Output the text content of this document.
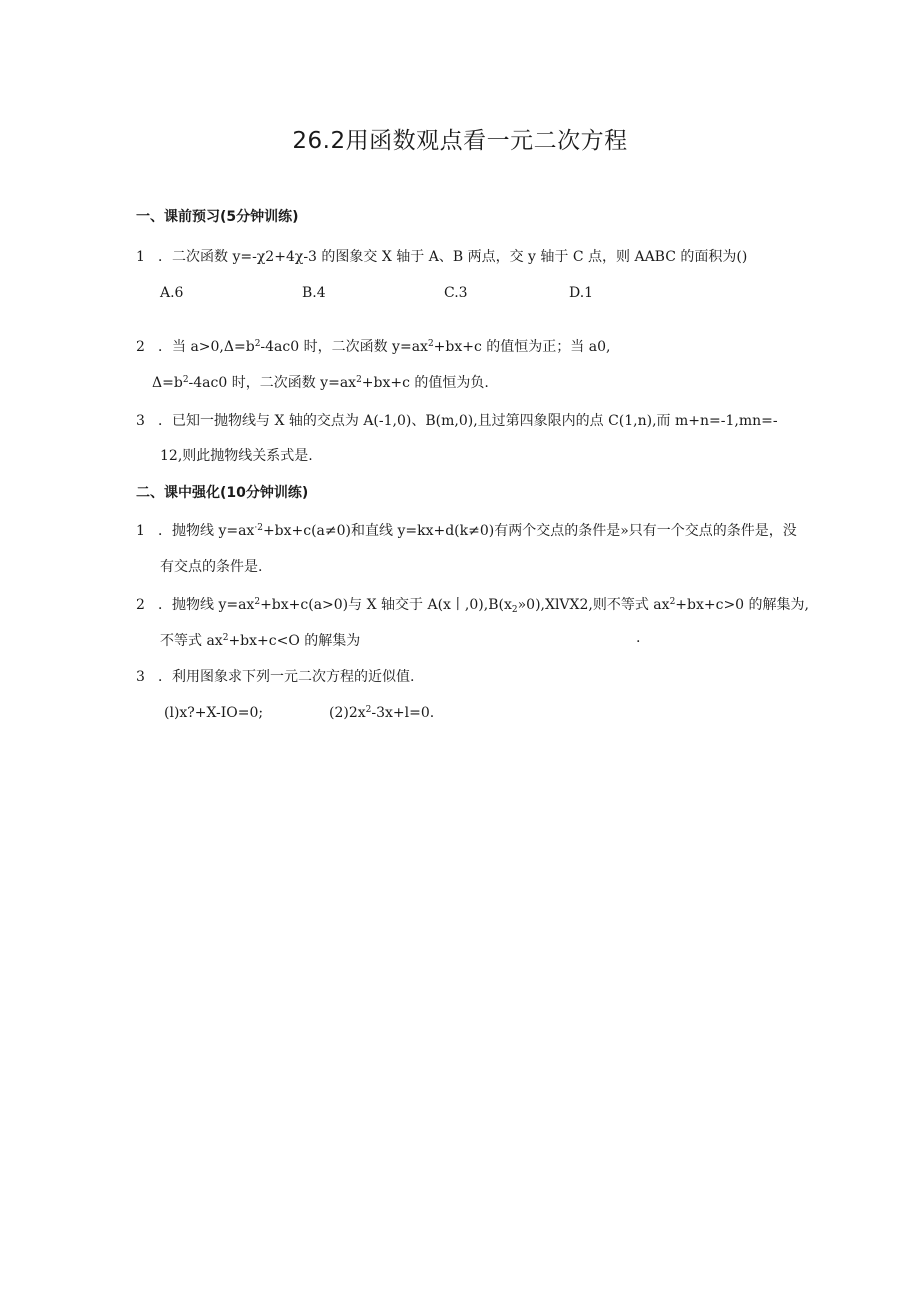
26.2用函数观点看一元二次方程
一、课前预习(5分钟训练)
1 ．二次函数 y=-χ2+4χ-3 的图象交 X 轴于 A、B 两点，交 y 轴于 C 点，则 AABC 的面积为()
A.6	B.4	C.3	D.1
2 ．当 $a>0,\Delta=b^2-4ac0$ 时，二次函数 $y=ax^2+bx+c$ 的值恒为正；当 a0,
$\Delta=b^2-4ac0$ 时，二次函数 $y=ax^2+bx+c$ 的值恒为负.
3 ．已知一抛物线与 X 轴的交点为 A(-1,0)、B(m,0),且过第四象限内的点 C(1,n),而 m+n=-1,mn=-
12,则此抛物线关系式是.
二、课中强化(10分钟训练)
1 ．抛物线 $y=ax^{\cdot 2}+bx+c(a\ne 0)$和直线 y=kx+d(k≠0)有两个交点的条件是»只有一个交点的条件是，没
有交点的条件是.
2 ．抛物线 $y=ax^2+bx+c(a>0)$与 X 轴交于 A(x丨$,0),B(x_2»0),XlVX2$,则不等式 $ax^2+bx+c>0$ 的解集为,
不等式 $ax^2+bx+c<O$ 的解集为	.
3 ．利用图象求下列一元二次方程的近似值.
(l)x?+X-IO=0;	$(2)2x^2-3x+l=0$.
